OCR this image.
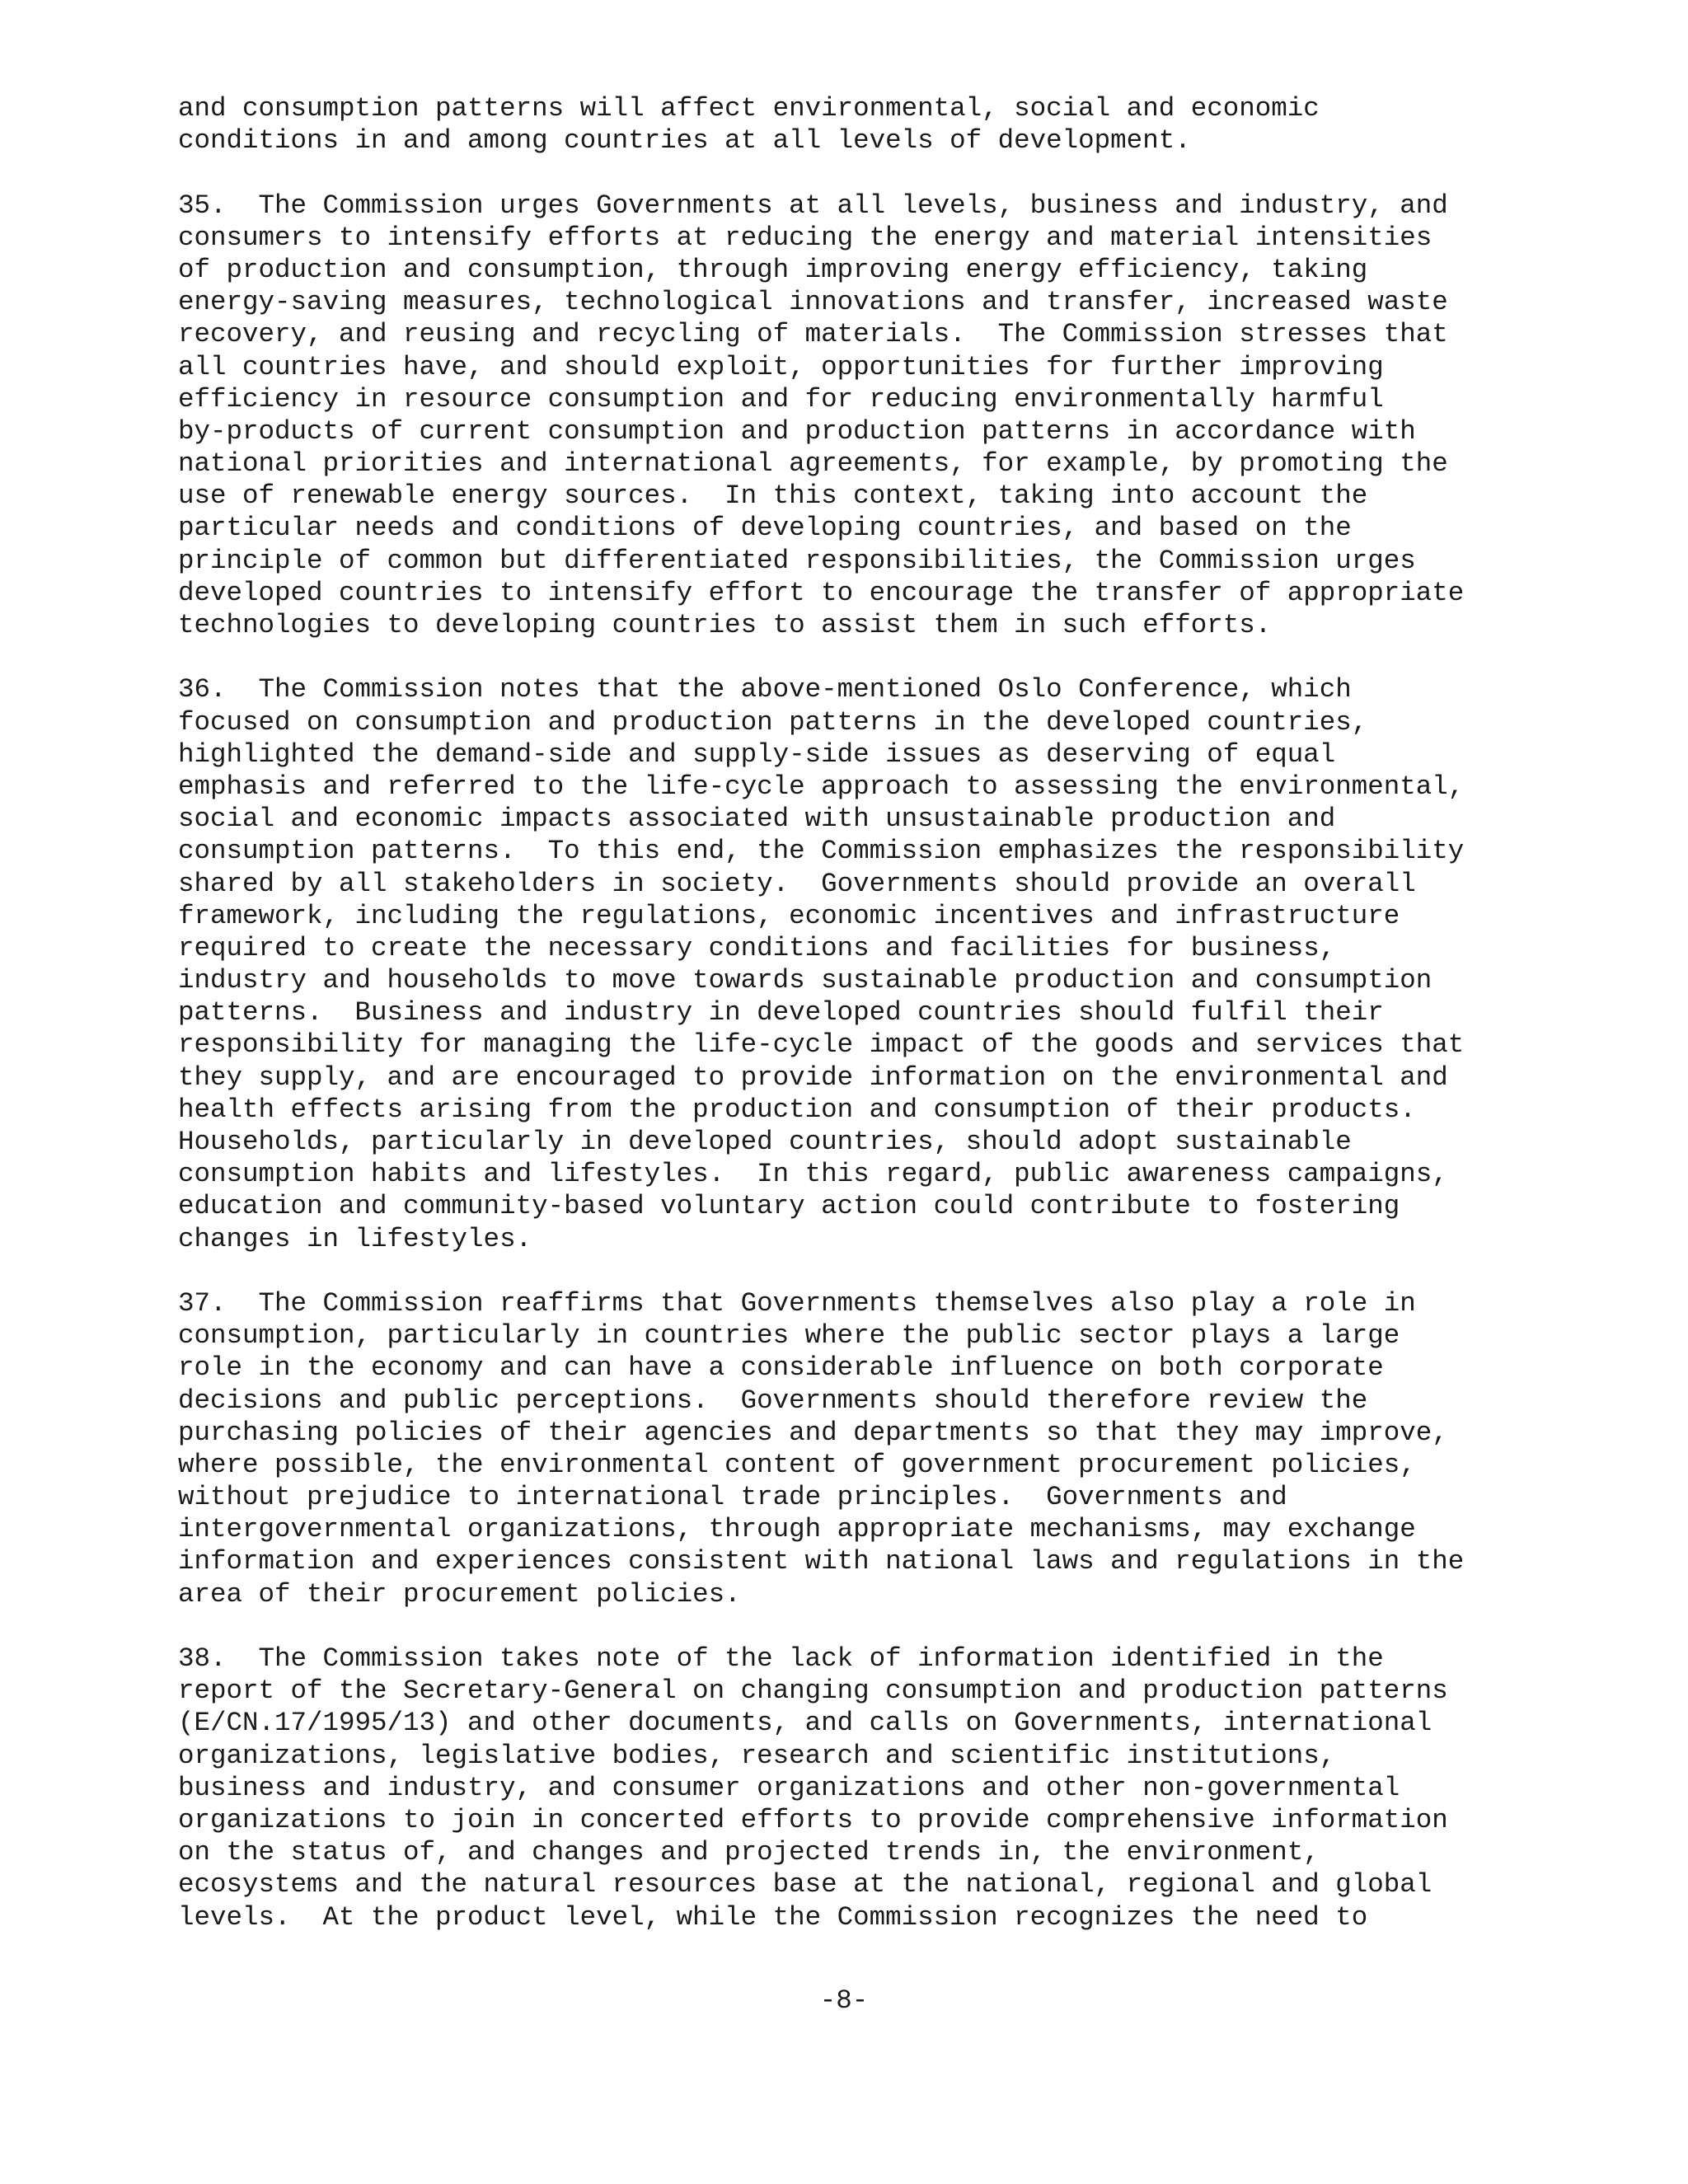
and consumption patterns will affect environmental, social and economic
conditions in and among countries at all levels of development.
35.  The Commission urges Governments at all levels, business and industry, and
consumers to intensify efforts at reducing the energy and material intensities
of production and consumption, through improving energy efficiency, taking
energy-saving measures, technological innovations and transfer, increased waste
recovery, and reusing and recycling of materials.  The Commission stresses that
all countries have, and should exploit, opportunities for further improving
efficiency in resource consumption and for reducing environmentally harmful
by-products of current consumption and production patterns in accordance with
national priorities and international agreements, for example, by promoting the
use of renewable energy sources.  In this context, taking into account the
particular needs and conditions of developing countries, and based on the
principle of common but differentiated responsibilities, the Commission urges
developed countries to intensify effort to encourage the transfer of appropriate
technologies to developing countries to assist them in such efforts.
36.  The Commission notes that the above-mentioned Oslo Conference, which
focused on consumption and production patterns in the developed countries,
highlighted the demand-side and supply-side issues as deserving of equal
emphasis and referred to the life-cycle approach to assessing the environmental,
social and economic impacts associated with unsustainable production and
consumption patterns.  To this end, the Commission emphasizes the responsibility
shared by all stakeholders in society.  Governments should provide an overall
framework, including the regulations, economic incentives and infrastructure
required to create the necessary conditions and facilities for business,
industry and households to move towards sustainable production and consumption
patterns.  Business and industry in developed countries should fulfil their
responsibility for managing the life-cycle impact of the goods and services that
they supply, and are encouraged to provide information on the environmental and
health effects arising from the production and consumption of their products.
Households, particularly in developed countries, should adopt sustainable
consumption habits and lifestyles.  In this regard, public awareness campaigns,
education and community-based voluntary action could contribute to fostering
changes in lifestyles.
37.  The Commission reaffirms that Governments themselves also play a role in
consumption, particularly in countries where the public sector plays a large
role in the economy and can have a considerable influence on both corporate
decisions and public perceptions.  Governments should therefore review the
purchasing policies of their agencies and departments so that they may improve,
where possible, the environmental content of government procurement policies,
without prejudice to international trade principles.  Governments and
intergovernmental organizations, through appropriate mechanisms, may exchange
information and experiences consistent with national laws and regulations in the
area of their procurement policies.
38.  The Commission takes note of the lack of information identified in the
report of the Secretary-General on changing consumption and production patterns
(E/CN.17/1995/13) and other documents, and calls on Governments, international
organizations, legislative bodies, research and scientific institutions,
business and industry, and consumer organizations and other non-governmental
organizations to join in concerted efforts to provide comprehensive information
on the status of, and changes and projected trends in, the environment,
ecosystems and the natural resources base at the national, regional and global
levels.  At the product level, while the Commission recognizes the need to
-8-
